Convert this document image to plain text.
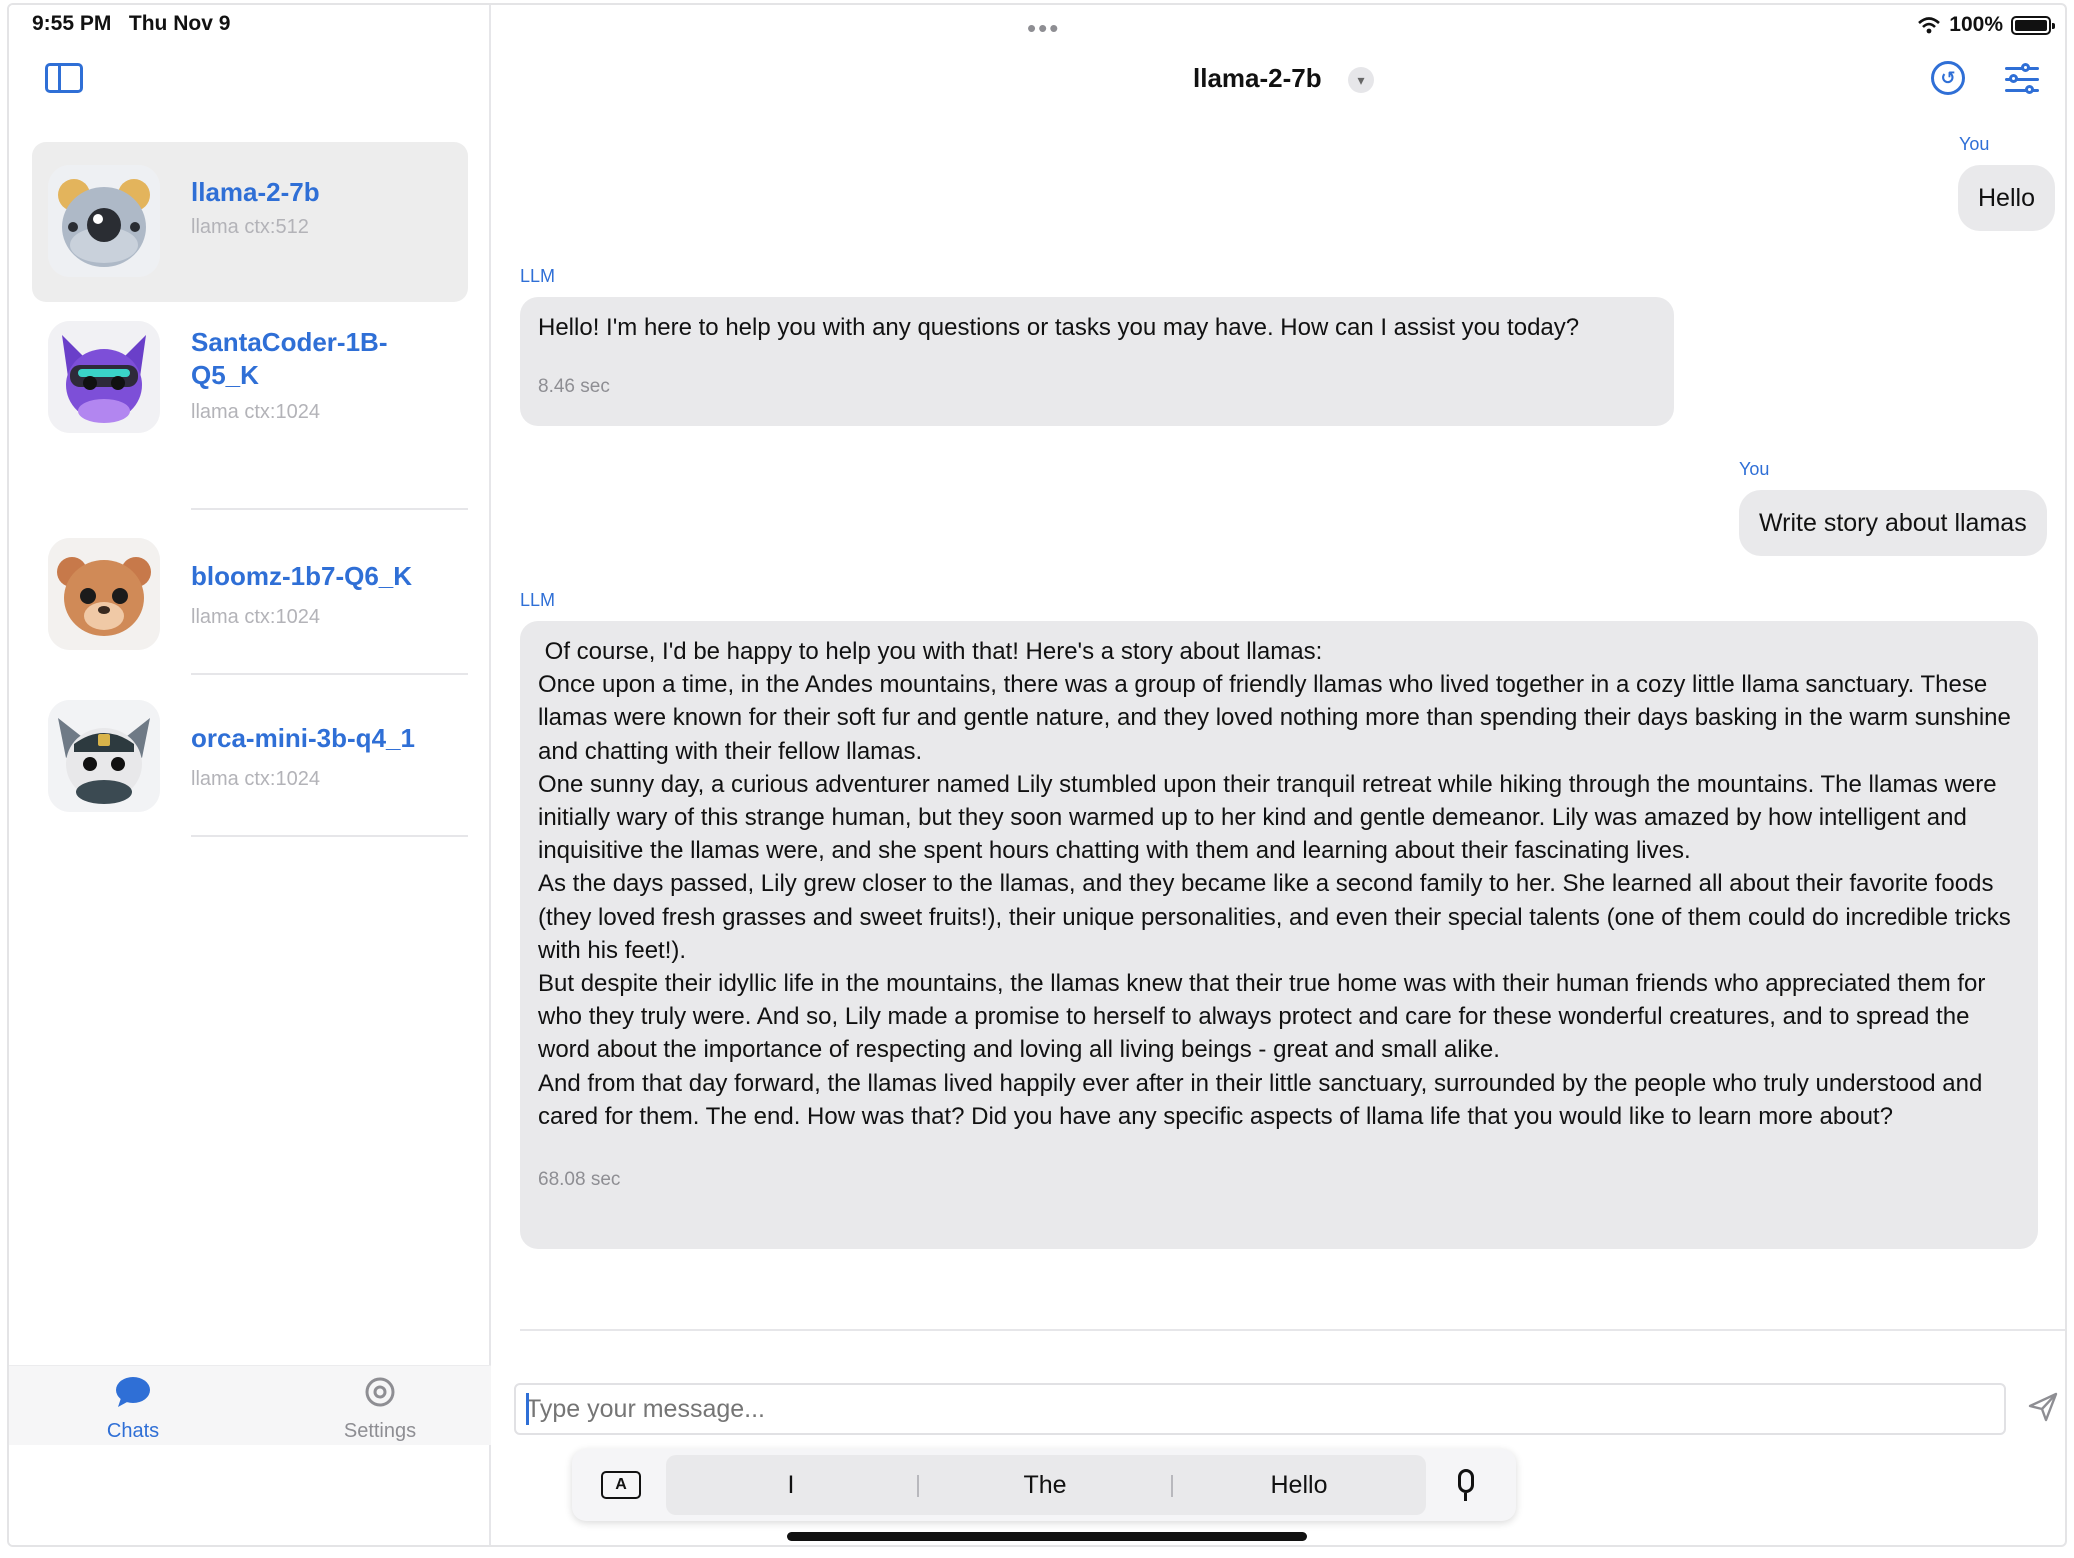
9:55 PM Thu Nov 9
llama-2-7b
llama ctx:512
SantaCoder-1B-Q5_K
llama ctx:1024
bloomz-1b7-Q6_K
llama ctx:1024
orca-mini-3b-q4_1
llama ctx:1024
Chats	Settings
•••	100%
llama-2-7b	▾	↺
You
Hello
LLM
Hello! I'm here to help you with any questions or tasks you may have. How can I assist you today?
8.46 sec
You
Write story about llamas
LLM
Of course, I'd be happy to help you with that! Here's a story about llamas:
Once upon a time, in the Andes mountains, there was a group of friendly llamas who lived together in a cozy little llama sanctuary. These llamas were known for their soft fur and gentle nature, and they loved nothing more than spending their days basking in the warm sunshine and chatting with their fellow llamas.
One sunny day, a curious adventurer named Lily stumbled upon their tranquil retreat while hiking through the mountains. The llamas were initially wary of this strange human, but they soon warmed up to her kind and gentle demeanor. Lily was amazed by how intelligent and inquisitive the llamas were, and she spent hours chatting with them and learning about their fascinating lives.
As the days passed, Lily grew closer to the llamas, and they became like a second family to her. She learned all about their favorite foods (they loved fresh grasses and sweet fruits!), their unique personalities, and even their special talents (one of them could do incredible tricks with his feet!).
But despite their idyllic life in the mountains, the llamas knew that their true home was with their human friends who appreciated them for who they truly were. And so, Lily made a promise to herself to always protect and care for these wonderful creatures, and to spread the word about the importance of respecting and loving all living beings - great and small alike.
And from that day forward, the llamas lived happily ever after in their little sanctuary, surrounded by the people who truly understood and cared for them. The end. How was that? Did you have any specific aspects of llama life that you would like to learn more about?
68.08 sec
Type your message...
A	I	The	Hello
